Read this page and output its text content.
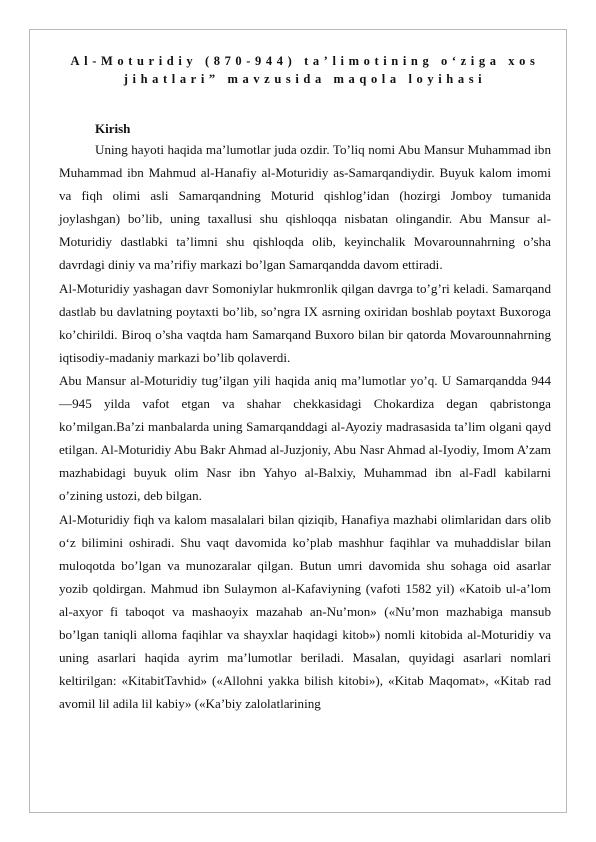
Al-Moturidiy (870-944) ta’limotining o‘ziga xos
jihatlari” mavzusida maqola loyihasi
Kirish

Uning hayoti haqida ma’lumotlar juda ozdir. To’liq nomi Abu Mansur Muhammad ibn Muhammad ibn Mahmud al-Hanafiy al-Moturidiy as-Samarqandiydir. Buyuk kalom imomi va fiqh olimi asli Samarqandning Moturid qishlog’idan (hozirgi Jomboy tumanida joylashgan) bo’lib, uning taxallusi shu qishloqqa nisbatan olingandir. Abu Mansur al-Moturidiy dastlabki ta’limni shu qishloqda olib, keyinchalik Movarounnahrning o’sha davrdagi diniy va ma’rifiy markazi bo’lgan Samarqandda davom ettiradi.

Al-Moturidiy yashagan davr Somoniylar hukmronlik qilgan davrga to’g’ri keladi. Samarqand dastlab bu davlatning poytaxti bo’lib, so’ngra IX asrning oxiridan boshlab poytaxt Buxoroga ko’chirildi. Biroq o’sha vaqtda ham Samarqand Buxoro bilan bir qatorda Movarounnahrning iqtisodiy-madaniy markazi bo’lib qolaverdi.

Abu Mansur al-Moturidiy tug’ilgan yili haqida aniq ma’lumotlar yo’q. U Samarqandda 944—945 yilda vafot etgan va shahar chekkasidagi Chokardiza degan qabristonga ko’milgan.Ba’zi manbalarda uning Samarqanddagi al-Ayoziy madrasasida ta’lim olgani qayd etilgan. Al-Moturidiy Abu Bakr Ahmad al-Juzjoniy, Abu Nasr Ahmad al-Iyodiy, Imom A’zam mazhabidagi buyuk olim Nasr ibn Yahyo al-Balxiy, Muhammad ibn al-Fadl kabilarni o’zining ustozi, deb bilgan.

Al-Moturidiy fiqh va kalom masalalari bilan qiziqib, Hanafiya mazhabi olimlaridan dars olib o‘z bilimini oshiradi. Shu vaqt davomida ko’plab mashhur faqihlar va muhaddislar bilan muloqotda bo’lgan va munozaralar qilgan. Butun umri davomida shu sohaga oid asarlar yozib qoldirgan. Mahmud ibn Sulaymon al-Kafaviyning (vafoti 1582 yil) «Katoib ul-a’lom al-axyor fi taboqot va mashaoyix mazahab an-Nu’mon» («Nu’mon mazhabiga mansub bo’lgan taniqli alloma faqihlar va shayxlar haqidagi kitob») nomli kitobida al-Moturidiy va uning asarlari haqida ayrim ma’lumotlar beriladi. Masalan, quyidagi asarlari nomlari keltirilgan: «KitabitTavhid» («Allohni yakka bilish kitobi»), «Kitab Maqomat», «Kitab rad avomil lil adila lil kabiy» («Ka’biy zalolatlarining
